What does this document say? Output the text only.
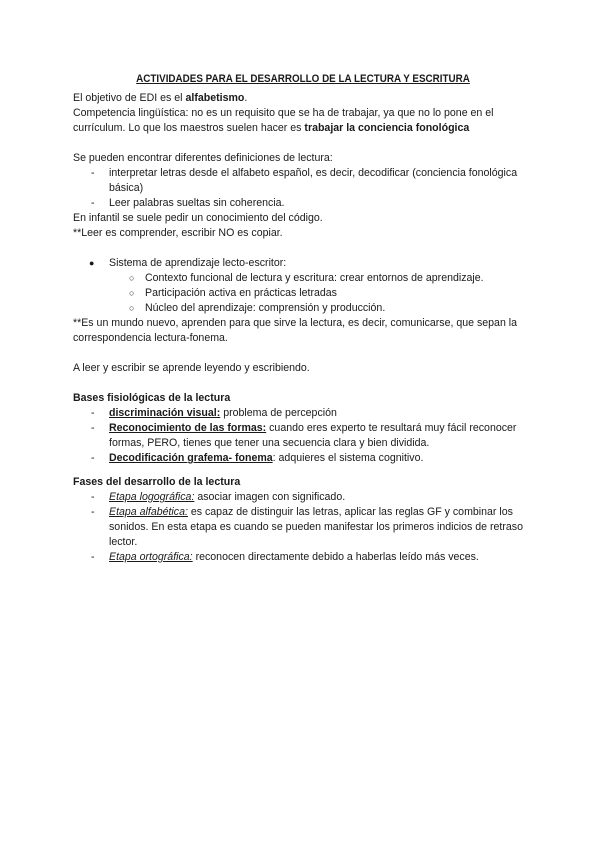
ACTIVIDADES PARA EL DESARROLLO DE LA LECTURA Y ESCRITURA

El objetivo de EDI es el alfabetismo.

Competencia lingüística: no es un requisito que se ha de trabajar, ya que no lo pone en el currículum. Lo que los maestros suelen hacer es trabajar la conciencia fonológica

Se pueden encontrar diferentes definiciones de lectura:

- interpretar letras desde el alfabeto español, es decir, decodificar (conciencia fonológica básica)
- Leer palabras sueltas sin coherencia.

En infantil se suele pedir un conocimiento del código.

**Leer es comprender, escribir NO es copiar.

● Sistema de aprendizaje lecto-escritor:
○ Contexto funcional de lectura y escritura: crear entornos de aprendizaje.
○ Participación activa en prácticas letradas
○ Núcleo del aprendizaje: comprensión y producción.

**Es un mundo nuevo, aprenden para que sirve la lectura, es decir, comunicarse, que sepan la correspondencia lectura-fonema.

A leer y escribir se aprende leyendo y escribiendo.

Bases fisiológicas de la lectura

- discriminación visual: problema de percepción
- Reconocimiento de las formas: cuando eres experto te resultará muy fácil reconocer formas, PERO, tienes que tener una secuencia clara y bien dividida.
- Decodificación grafema- fonema: adquieres el sistema cognitivo.

Fases del desarrollo de la lectura

- Etapa logográfica: asociar imagen con significado.
- Etapa alfabética: es capaz de distinguir las letras, aplicar las reglas GF y combinar los sonidos. En esta etapa es cuando se pueden manifestar los primeros indicios de retraso lector.
- Etapa ortográfica: reconocen directamente debido a haberlas leído más veces.
